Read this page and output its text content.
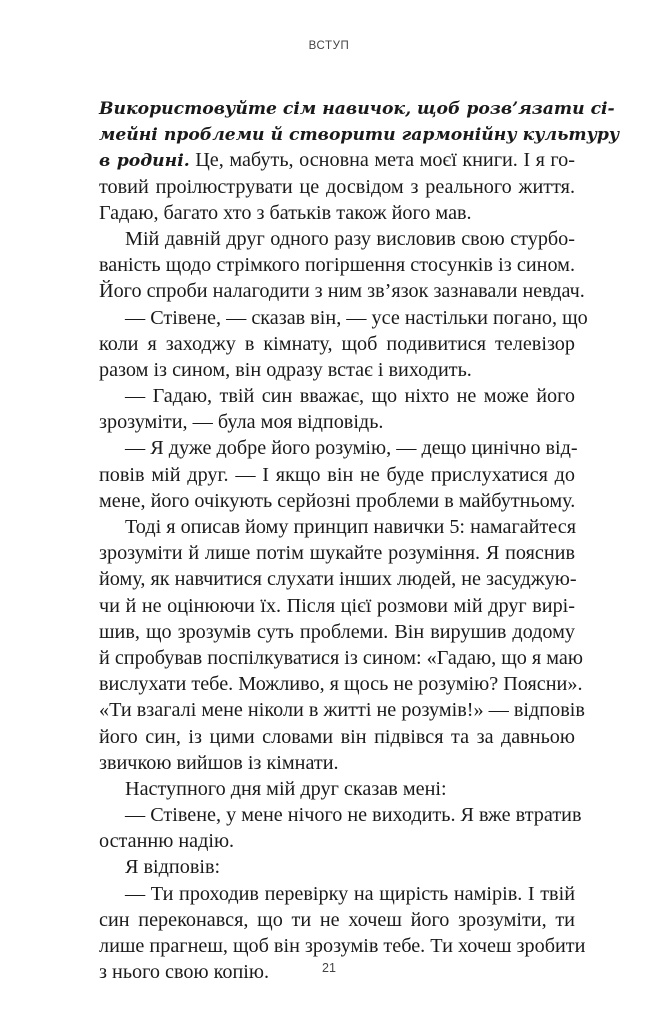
ВСТУП
Використовуйте сім навичок, щоб розв’язати сі-
мейні проблеми й створити гармонійну культуру
в родині. Це, мабуть, основна мета моєї книги. І я го-
товий проілюструвати це досвідом з реального життя.
Гадаю, багато хто з батьків також його мав.
Мій давній друг одного разу висловив свою стурбо-
ваність щодо стрімкого погіршення стосунків із сином.
Його спроби налагодити з ним зв’язок зазнавали невдач.
— Стівене, — сказав він, — усе настільки погано, що
коли я заходжу в кімнату, щоб подивитися телевізор
разом із сином, він одразу встає і виходить.
— Гадаю, твій син вважає, що ніхто не може його
зрозуміти, — була моя відповідь.
— Я дуже добре його розумію, — дещо цинічно від-
повів мій друг. — І якщо він не буде прислухатися до
мене, його очікують серйозні проблеми в майбутньому.
Тоді я описав йому принцип навички 5: намагайтеся
зрозуміти й лише потім шукайте розуміння. Я пояснив
йому, як навчитися слухати інших людей, не засуджую-
чи й не оцінюючи їх. Після цієї розмови мій друг вирі-
шив, що зрозумів суть проблеми. Він вирушив додому
й спробував поспілкуватися із сином: «Гадаю, що я маю
вислухати тебе. Можливо, я щось не розумію? Поясни».
«Ти взагалі мене ніколи в житті не розумів!» — відповів
його син, із цими словами він підвівся та за давньою
звичкою вийшов із кімнати.
Наступного дня мій друг сказав мені:
— Стівене, у мене нічого не виходить. Я вже втратив
останню надію.
Я відповів:
— Ти проходив перевірку на щирість намірів. І твій
син переконався, що ти не хочеш його зрозуміти, ти
лише прагнеш, щоб він зрозумів тебе. Ти хочеш зробити
з нього свою копію.	21
